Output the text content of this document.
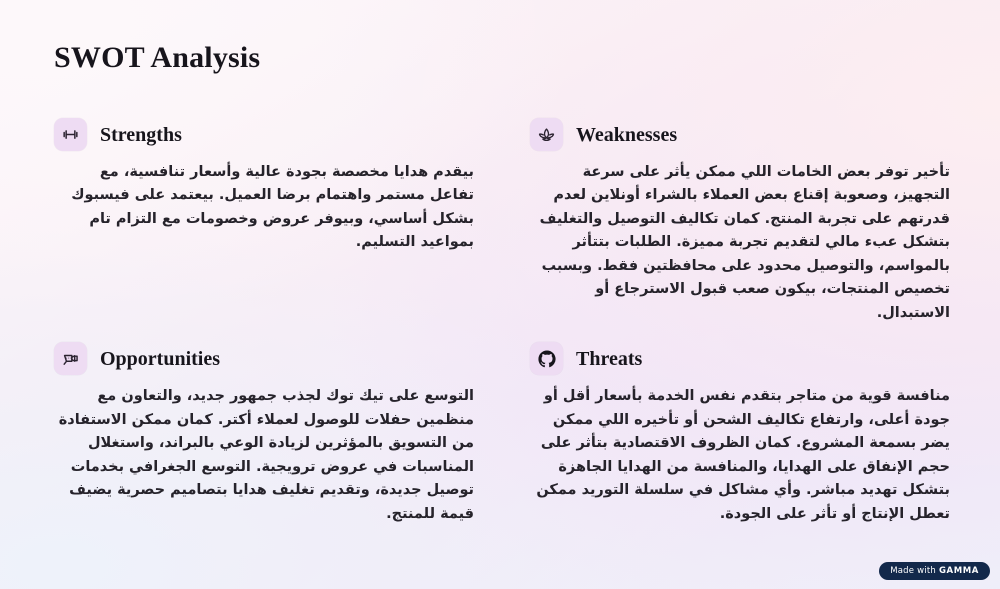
SWOT Analysis
Strengths
بيقدم هدايا مخصصة بجودة عالية وأسعار تنافسية، مع تفاعل مستمر واهتمام برضا العميل. بيعتمد على فيسبوك بشكل أساسي، وبيوفر عروض وخصومات مع التزام تام بمواعيد التسليم.
Weaknesses
تأخير توفر بعض الخامات اللي ممكن يأثر على سرعة التجهيز، وصعوبة إقناع بعض العملاء بالشراء أونلاين لعدم قدرتهم على تجربة المنتج. كمان تكاليف التوصيل والتغليف بتشكل عبء مالي لتقديم تجربة مميزة. الطلبات بتتأثر بالمواسم، والتوصيل محدود على محافظتين فقط. وبسبب تخصيص المنتجات، بيكون صعب قبول الاسترجاع أو الاستبدال.
Opportunities
التوسع على تيك توك لجذب جمهور جديد، والتعاون مع منظمين حفلات للوصول لعملاء أكتر. كمان ممكن الاستفادة من التسويق بالمؤثرين لزيادة الوعي بالبراند، واستغلال المناسبات في عروض ترويجية. التوسع الجغرافي بخدمات توصيل جديدة، وتقديم تغليف هدايا بتصاميم حصرية يضيف قيمة للمنتج.
Threats
منافسة قوية من متاجر بتقدم نفس الخدمة بأسعار أقل أو جودة أعلى، وارتفاع تكاليف الشحن أو تأخيره اللي ممكن يضر بسمعة المشروع. كمان الظروف الاقتصادية بتأثر على حجم الإنفاق على الهدايا، والمنافسة من الهدايا الجاهزة بتشكل تهديد مباشر. وأي مشاكل في سلسلة التوريد ممكن تعطل الإنتاج أو تأثر على الجودة.
Made with GAMMA
